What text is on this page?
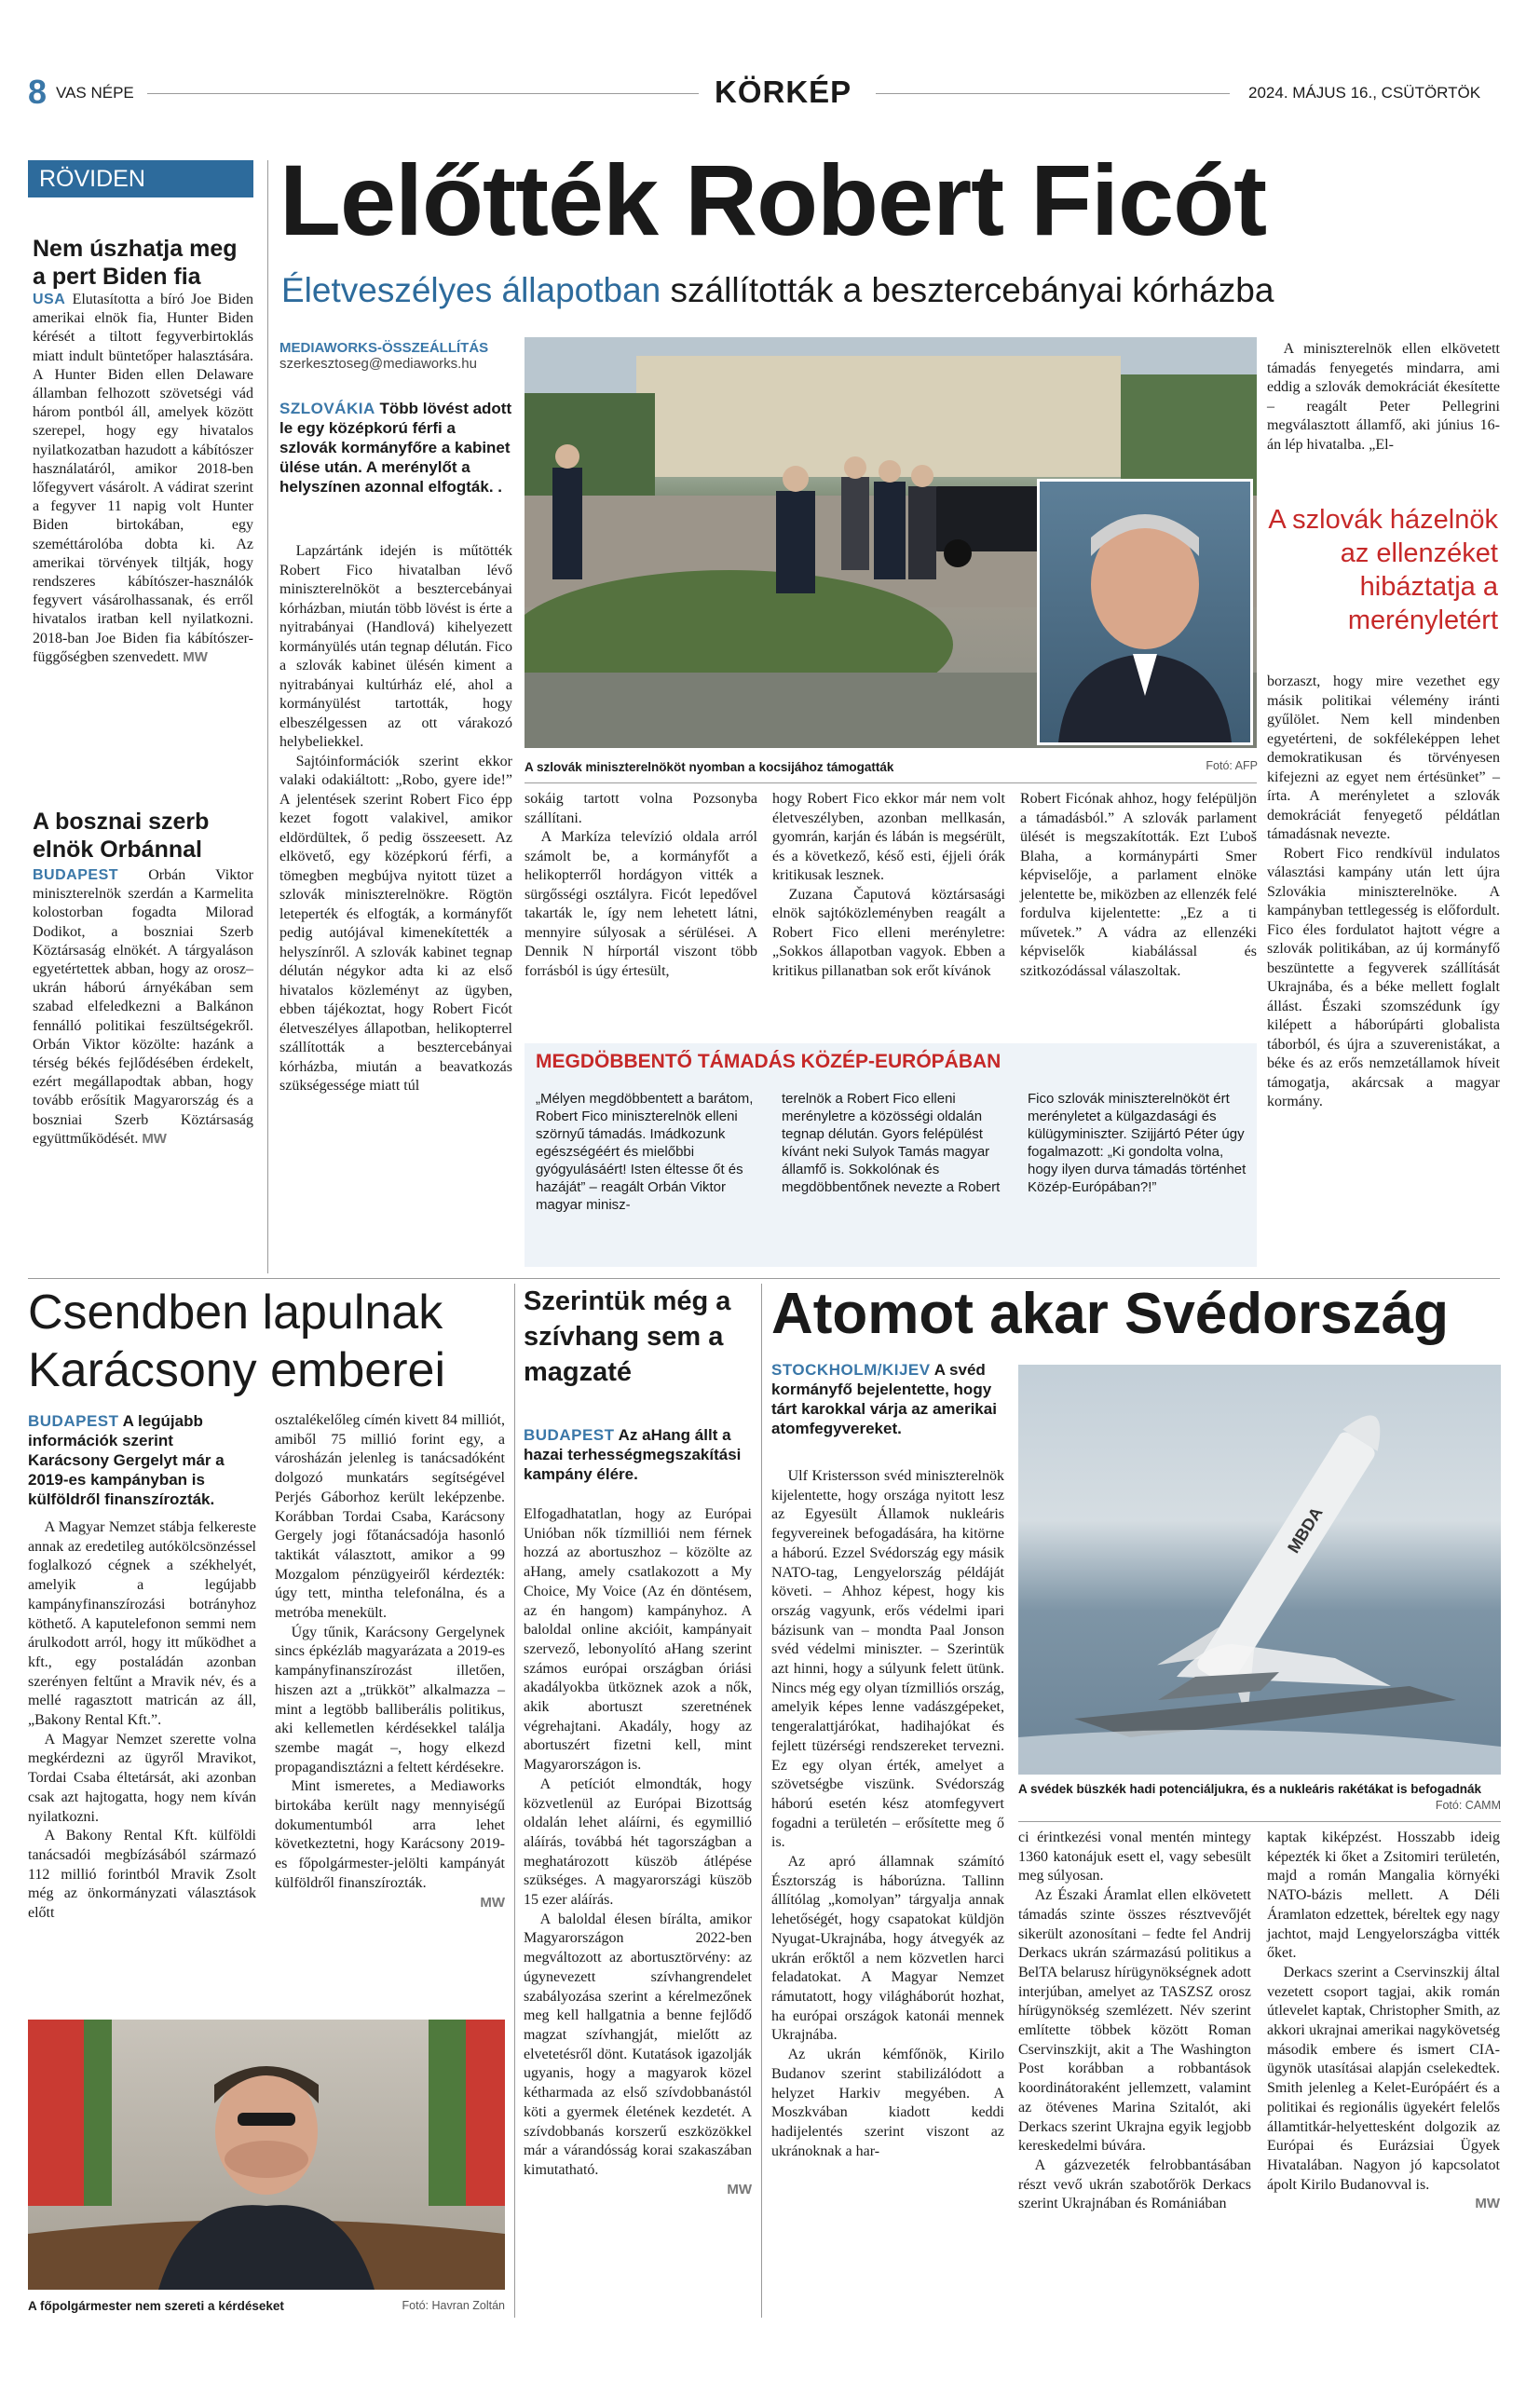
8 VAS NÉPE	KÖRKÉP	2024. MÁJUS 16., CSÜTÖRTÖK
RÖVIDEN
Nem úszhatja meg a pert Biden fia

USA Elutasította a bíró Joe Biden amerikai elnök fia, Hunter Biden kérését a tiltott fegyverbirtoklás miatt indult büntetőper halasztására. A Hunter Biden ellen Delaware államban felhozott szövetségi vád három pontból áll, amelyek között szerepel, hogy egy hivatalos nyilatkozatban hazudott a kábítószer használatáról, amikor 2018-ben lőfegyvert vásárolt. A vádirat szerint a fegyver 11 napig volt Hunter Biden birtokában, egy szeméttárolóba dobta ki. Az amerikai törvények tiltják, hogy rendszeres kábítószer-használók fegyvert vásárolhassanak, és erről hivatalos iratban kell nyilatkozni. 2018-ban Joe Biden fia kábítószer-függőségben szenvedett. MW

A bosznai szerb elnök Orbánnal

BUDAPEST Orbán Viktor miniszterelnök szerdán a Karmelita kolostorban fogadta Milorad Dodikot, a boszniai Szerb Köztársaság elnökét. A tárgyaláson egyetértettek abban, hogy az orosz–ukrán háború árnyékában sem szabad elfeledkezni a Balkánon fennálló politikai feszültségekről. Orbán Viktor közölte: hazánk a térség békés fejlődésében érdekelt, ezért megállapodtak abban, hogy tovább erősítik Magyarország és a boszniai Szerb Köztársaság együttműködését. MW

Lelőtték Robert Ficót
Életveszélyes állapotban szállították a besztercebányai kórházba
MEDIAWORKS-ÖSSZEÁLLÍTÁS
szerkesztoseg@mediaworks.hu
SZLOVÁKIA Több lövést adott le egy középkorú férfi a szlovák kormányfőre a kabinet ülése után. A merénylőt a helyszínen azonnal elfogták. .

Lapzártánk idején is műtötték Robert Fico hivatalban lévő miniszterelnököt a besztercebányai kórházban, miután több lövést is érte a nyitrabányai (Handlová) kihelyezett kormányülés után tegnap délután. Fico a szlovák kabinet ülésén kiment a nyitrabányai kultúrház elé, ahol a kormányülést tartották, hogy elbeszélgessen az ott várakozó helybeliekkel.

Sajtóinformációk szerint ekkor valaki odakiáltott: „Robo, gyere ide!” A jelentések szerint Robert Fico épp kezet fogott valakivel, amikor eldördültek, ő pedig összeesett. Az elkövető, egy középkorú férfi, a tömegben megbújva nyitott tüzet a szlovák miniszterelnökre. Rögtön leteperték és elfogták, a kormányfőt pedig autójával kimenekítették a helyszínről. A szlovák kabinet tegnap délután négykor adta ki az első hivatalos közleményt az ügyben, ebben tájékoztat, hogy Robert Ficót életveszélyes állapotban, helikopterrel szállították a besztercebányai kórházba, miután a beavatkozás szükségessége miatt túl

A szlovák miniszterelnököt nyomban a kocsijához támogatták	Fotó: AFP

sokáig tartott volna Pozsonyba szállítani.

A Markíza televízió oldala arról számolt be, a kormányfőt a helikopterről hordágyon vitték a sürgősségi osztályra. Ficót lepedővel takarták le, így nem lehetett látni, mennyire súlyosak a sérülései. A Dennik N hírportál viszont több forrásból is úgy értesült,

hogy Robert Fico ekkor már nem volt életveszélyben, azonban mellkasán, gyomrán, karján és lábán is megsérült, és a következő, késő esti, éjjeli órák kritikusak lesznek.

Zuzana Čaputová köztársasági elnök sajtóközleményben reagált a Robert Fico elleni merényletre: „Sokkos állapotban vagyok. Ebben a kritikus pillanatban sok erőt kívánok

Robert Ficónak ahhoz, hogy felépüljön a támadásból.” A szlovák parlament ülését is megszakították. Ezt Ľuboš Blaha, a kormánypárti Smer képviselője, a parlament elnöke jelentette be, miközben az ellenzék felé fordulva kijelentette: „Ez a ti művetek.” A vádra az ellenzéki képviselők kiabálással és szitkozódással válaszoltak.

MEGDÖBBENTŐ TÁMADÁS KÖZÉP-EURÓPÁBAN
„Mélyen megdöbbentett a barátom, Robert Fico miniszterelnök elleni szörnyű támadás. Imádkozunk egészségéért és mielőbbi gyógyulásáért! Isten éltesse őt és hazáját” – reagált Orbán Viktor magyar minisz-
terelnök a Robert Fico elleni merényletre a közösségi oldalán tegnap délután. Gyors felépülést kívánt neki Sulyok Tamás magyar államfő is. Sokkolónak és megdöbbentőnek nevezte a Robert
Fico szlovák miniszterelnököt ért merényletet a külgazdasági és külügyminiszter. Szijjártó Péter úgy fogalmazott: „Ki gondolta volna, hogy ilyen durva támadás történhet Közép-Európában?!”

A miniszterelnök ellen elkövetett támadás fenyegetés mindarra, ami eddig a szlovák demokráciát ékesítette – reagált Peter Pellegrini megválasztott államfő, aki június 16-án lép hivatalba. „El-

A szlovák házelnök az ellenzéket hibáztatja a merényletért

borzaszt, hogy mire vezethet egy másik politikai vélemény iránti gyűlölet. Nem kell mindenben egyetérteni, de sokféleképpen lehet demokratikusan és törvényesen kifejezni az egyet nem értésünket” – írta. A merényletet a szlovák demokráciát fenyegető példátlan támadásnak nevezte.

Robert Fico rendkívül indulatos választási kampány után lett újra Szlovákia miniszterelnöke. A kampányban tettlegesség is előfordult. Fico éles fordulatot hajtott végre a szlovák politikában, az új kormányfő beszüntette a fegyverek szállítását Ukrajnába, és a béke mellett foglalt állást. Északi szomszédunk így kilépett a háborúpárti globalista táborból, és újra a szuverenistákat, a béke és az erős nemzetállamok híveit támogatja, akárcsak a magyar kormány.

Csendben lapulnak Karácsony emberei
BUDAPEST A legújabb információk szerint Karácsony Gergelyt már a 2019-es kampányban is külföldről finanszírozták.

A Magyar Nemzet stábja felkereste annak az eredetileg autókölcsönzéssel foglalkozó cégnek a székhelyét, amelyik a legújabb kampányfinanszírozási botrányhoz köthető. A kaputelefonon semmi nem árulkodott arról, hogy itt működhet a kft., egy postaládán azonban szerényen feltűnt a Mravik név, és a mellé ragasztott matricán az áll, „Bakony Rental Kft.”.

A Magyar Nemzet szerette volna megkérdezni az ügyről Mravikot, Tordai Csaba éltetársát, aki azonban csak azt hajtogatta, hogy nem kíván nyilatkozni.

A Bakony Rental Kft. külföldi tanácsadói megbízásából származó 112 millió forintból Mravik Zsolt még az önkormányzati választások előtt

osztalékelőleg címén kivett 84 milliót, amiből 75 millió forint egy, a városházán jelenleg is tanácsadóként dolgozó munkatárs segítségével Perjés Gáborhoz került leképzenbe. Korábban Tordai Csaba, Karácsony Gergely jogi főtanácsadója hasonló taktikát választott, amikor a 99 Mozgalom pénzügyeiről kérdezték: úgy tett, mintha telefonálna, és a metróba menekült.

Úgy tűnik, Karácsony Gergelynek sincs épkézláb magyarázata a 2019-es kampányfinanszírozást illetően, hiszen azt a „trükköt” alkalmazza – mint a legtöbb balliberális politikus, aki kellemetlen kérdésekkel találja szembe magát –, hogy elkezd propagandisztázni a feltett kérdésekre.

Mint ismeretes, a Mediaworks birtokába került nagy mennyiségű dokumentumból arra lehet következtetni, hogy Karácsony 2019-es főpolgármester-jelölti kampányát külföldről finanszírozták.

MW

A főpolgármester nem szereti a kérdéseket	Fotó: Havran Zoltán
Szerintük még a szívhang sem a magzaté
BUDAPEST Az aHang állt a hazai terhességmegszakítási kampány élére.

Elfogadhatatlan, hogy az Európai Unióban nők tízmilliói nem férnek hozzá az abortuszhoz – közölte az aHang, amely csatlakozott a My Choice, My Voice (Az én döntésem, az én hangom) kampányhoz. A baloldal online akcióit, kampányait szervező, lebonyolító aHang szerint számos európai országban óriási akadályokba ütköznek azok a nők, akik abortuszt szeretnének végrehajtani. Akadály, hogy az abortuszért fizetni kell, mint Magyarországon is.

A petíciót elmondták, hogy közvetlenül az Európai Bizottság oldalán lehet aláírni, és egymillió aláírás, továbbá hét tagországban a meghatározott küszöb átlépése szükséges. A magyarországi küszöb 15 ezer aláírás.

A baloldal élesen bírálta, amikor Magyarországon 2022-ben megváltozott az abortusztörvény: az úgynevezett szívhangrendelet szabályozása szerint a kérelmezőnek meg kell hallgatnia a benne fejlődő magzat szívhangját, mielőtt az elvetetésről dönt. Kutatások igazolják ugyanis, hogy a magyarok közel kétharmada az első szívdobbanástól köti a gyermek életének kezdetét. A szívdobbanás korszerű eszközökkel már a várandósság korai szakaszában kimutatható.

MW

Atomot akar Svédország
STOCKHOLM/KIJEV A svéd kormányfő bejelentette, hogy tárt karokkal várja az amerikai atomfegyvereket.

Ulf Kristersson svéd miniszterelnök kijelentette, hogy országa nyitott lesz az Egyesült Államok nukleáris fegyvereinek befogadására, ha kitörne a háború. Ezzel Svédország egy másik NATO-tag, Lengyelország példáját követi. – Ahhoz képest, hogy kis ország vagyunk, erős védelmi ipari bázisunk van – mondta Paal Jonson svéd védelmi miniszter. – Szerintük azt hinni, hogy a súlyunk felett ütünk. Nincs még egy olyan tízmilliós ország, amelyik képes lenne vadászgépeket, tengeralattjárókat, hadihajókat és fejlett tüzérségi rendszereket tervezni. Ez egy olyan érték, amelyet a szövetségbe viszünk. Svédország háború esetén kész atomfegyvert fogadni a területén – erősítette meg ő is.

Az apró államnak számító Észtország is háborúzna. Tallinn állítólag „komolyan” tárgyalja annak lehetőségét, hogy csapatokat küldjön Nyugat-Ukrajnába, hogy átvegyék az ukrán erőktől a nem közvetlen harci feladatokat. A Magyar Nemzet rámutatott, hogy világháborút hozhat, ha európai országok katonái mennek Ukrajnába.

Az ukrán kémfőnök, Kirilo Budanov szerint stabilizálódott a helyzet Harkiv megyében. A Moszkvában kiadott keddi hadijelentés szerint viszont az ukránoknak a har-

MBDA
A svédek büszkék hadi potenciáljukra, és a nukleáris rakétákat is befogadnák
Fotó: CAMM

ci érintkezési vonal mentén mintegy 1360 katonájuk esett el, vagy sebesült meg súlyosan.

Az Északi Áramlat ellen elkövetett támadás szinte összes résztvevőjét sikerült azonosítani – fedte fel Andrij Derkacs ukrán származású politikus a BelTA belarusz hírügynökségnek adott interjúban, amelyet az TASZSZ orosz hírügynökség szemlézett. Név szerint említette többek között Roman Cservinszkijt, akit a The Washington Post korábban a robbantások koordinátoraként jellemzett, valamint az ötévenes Marina Szitalót, aki Derkacs szerint Ukrajna egyik legjobb kereskedelmi búvára.

A gázvezeték felrobbantásában részt vevő ukrán szabotőrök Derkacs szerint Ukrajnában és Romániában

kaptak kiképzést. Hosszabb ideig képezték ki őket a Zsitomiri területén, majd a román Mangalia környéki NATO-bázis mellett. A Déli Áramlaton edzettek, béreltek egy nagy jachtot, majd Lengyelországba vitték őket.

Derkacs szerint a Cservinszkij által vezetett csoport tagjai, akik román útlevelet kaptak, Christopher Smith, az akkori ukrajnai amerikai nagykövetség második embere és ismert CIA-ügynök utasításai alapján cselekedtek. Smith jelenleg a Kelet-Európáért és a politikai és regionális ügyekért felelős államtitkár-helyettesként dolgozik az Európai és Eurázsiai Ügyek Hivatalában. Nagyon jó kapcsolatot ápolt Kirilo Budanovval is.

MW
